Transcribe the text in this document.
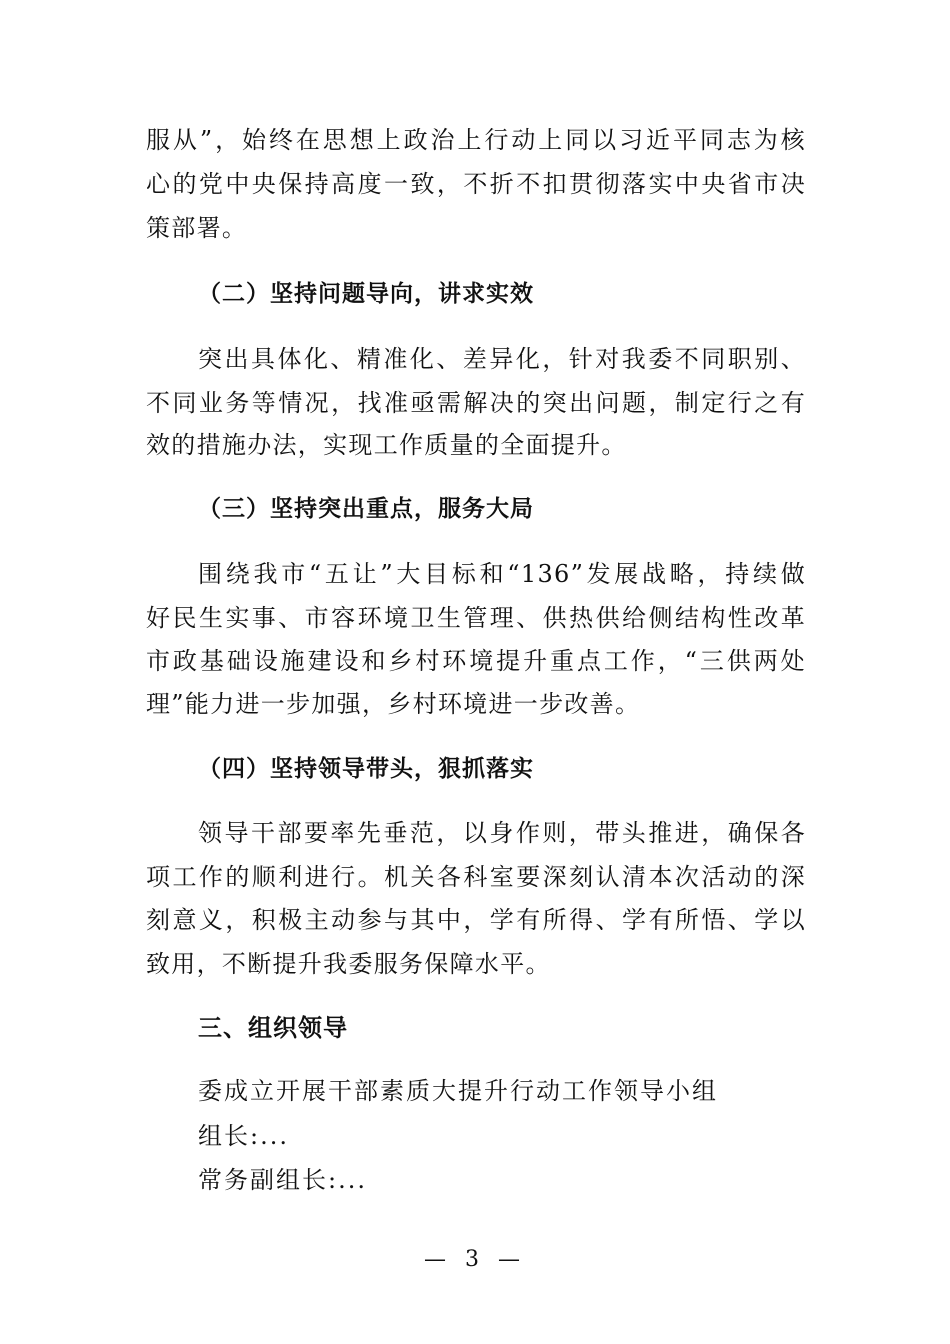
服从”，始终在思想上政治上行动上同以习近平同志为核
心的党中央保持高度一致，不折不扣贯彻落实中央省市决
策部署。
（二）坚持问题导向，讲求实效
突出具体化、精准化、差异化，针对我委不同职别、
不同业务等情况，找准亟需解决的突出问题，制定行之有
效的措施办法，实现工作质量的全面提升。
（三）坚持突出重点，服务大局
围绕我市“五让”大目标和“136”发展战略，持续做
好民生实事、市容环境卫生管理、供热供给侧结构性改革
市政基础设施建设和乡村环境提升重点工作，“三供两处
理”能力进一步加强，乡村环境进一步改善。
（四）坚持领导带头，狠抓落实
领导干部要率先垂范，以身作则，带头推进，确保各
项工作的顺利进行。机关各科室要深刻认清本次活动的深
刻意义，积极主动参与其中，学有所得、学有所悟、学以
致用，不断提升我委服务保障水平。
三、组织领导
委成立开展干部素质大提升行动工作领导小组
组长:...
常务副组长:...
— 3 —
